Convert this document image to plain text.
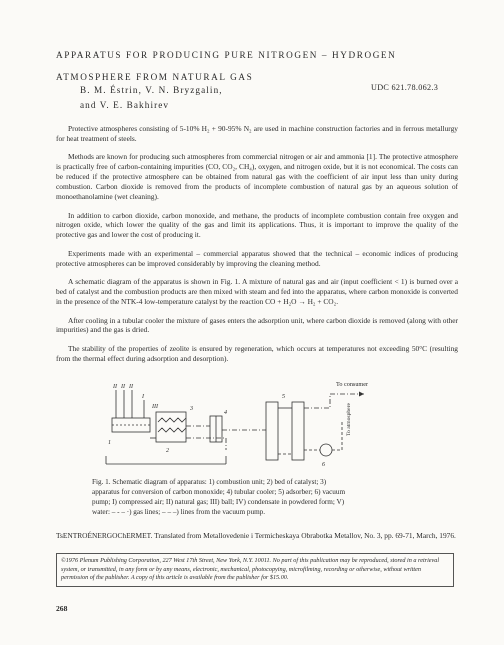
APPARATUS FOR PRODUCING PURE NITROGEN – HYDROGEN
ATMOSPHERE FROM NATURAL GAS
B. M. Éstrin, V. N. Bryzgalin,
and V. E. Bakhirev
UDC 621.78.062.3

Protective atmospheres consisting of 5-10% H₂ + 90-95% N₂ are used in machine construction factories and in ferrous metallurgy for heat treatment of steels.

Methods are known for producing such atmospheres from commercial nitrogen or air and ammonia [1]. The protective atmosphere is practically free of carbon-containing impurities (CO, CO₂, CH₄), oxygen, and nitrogen oxide, but it is not economical. The costs can be reduced if the protective atmosphere can be obtained from natural gas with the coefficient of air input less than unity during combustion. Carbon dioxide is removed from the products of incomplete combustion of natural gas by an aqueous solution of monoethanolamine (wet cleaning).

In addition to carbon dioxide, carbon monoxide, and methane, the products of incomplete combustion contain free oxygen and nitrogen oxide, which lower the quality of the gas and limit its applications. Thus, it is important to improve the quality of the protective gas and lower the cost of producing it.

Experiments made with an experimental – commercial apparatus showed that the technical – economic indices of producing protective atmospheres can be improved considerably by improving the cleaning method.

A schematic diagram of the apparatus is shown in Fig. 1. A mixture of natural gas and air (input coefficient < 1) is burned over a bed of catalyst and the combustion products are then mixed with steam and fed into the apparatus, where carbon monoxide is converted in the presence of the NTK-4 low-temperature catalyst by the reaction CO + H₂O → H₂ + CO₂.

After cooling in a tubular cooler the mixture of gases enters the adsorption unit, where carbon dioxide is removed (along with other impurities) and the gas is dried.

The stability of the properties of zeolite is ensured by regeneration, which occurs at temperatures not exceeding 50°C (resulting from the thermal effect during adsorption and desorption).

To consumer
To atmosphere
II II II
I
III
1
2
3
4
5
6

Fig. 1. Schematic diagram of apparatus: 1) combustion unit; 2) bed of catalyst; 3) apparatus for conversion of carbon monoxide; 4) tubular cooler; 5) adsorber; 6) vacuum pump; I) compressed air; II) natural gas; III) ball; IV) condensate in powdered form; V) water: – - – ·) gas lines; – – –) lines from the vacuum pump.

TsENTROÉNERGOChERMET. Translated from Metallovedenie i Termicheskaya Obrabotka Metallov, No. 3, pp. 69-71, March, 1976.

©1976 Plenum Publishing Corporation, 227 West 17th Street, New York, N.Y. 10011. No part of this publication may be reproduced, stored in a retrieval system, or transmitted, in any form or by any means, electronic, mechanical, photocopying, microfilming, recording or otherwise, without written permission of the publisher. A copy of this article is available from the publisher for $15.00.

268
